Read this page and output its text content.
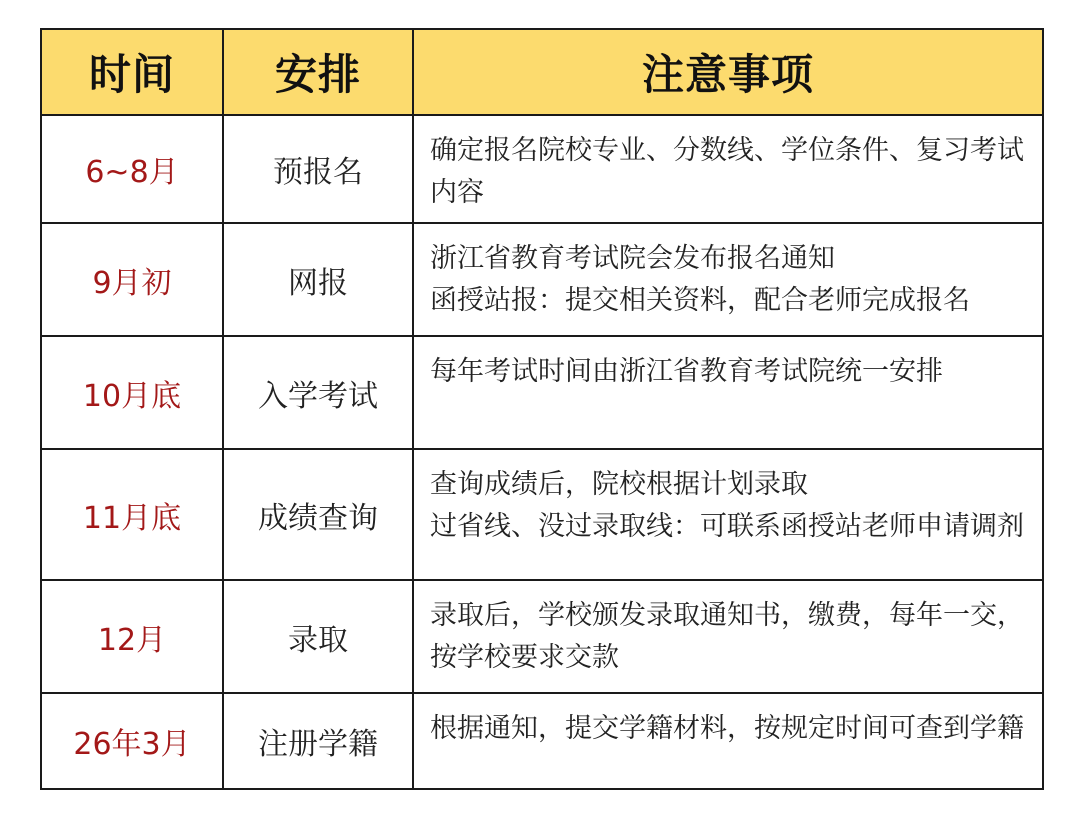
时间	安排	注意事项
6~8月	预报名	确定报名院校专业、分数线、学位条件、复习考试内容

9月初	网报	浙江省教育考试院会发布报名通知
函授站报：提交相关资料，配合老师完成报名

10月底	入学考试	每年考试时间由浙江省教育考试院统一安排

11月底	成绩查询	查询成绩后，院校根据计划录取
过省线、没过录取线：可联系函授站老师申请调剂

12月	录取	录取后，学校颁发录取通知书，缴费，每年一交，按学校要求交款

26年3月	注册学籍	根据通知，提交学籍材料，按规定时间可查到学籍
